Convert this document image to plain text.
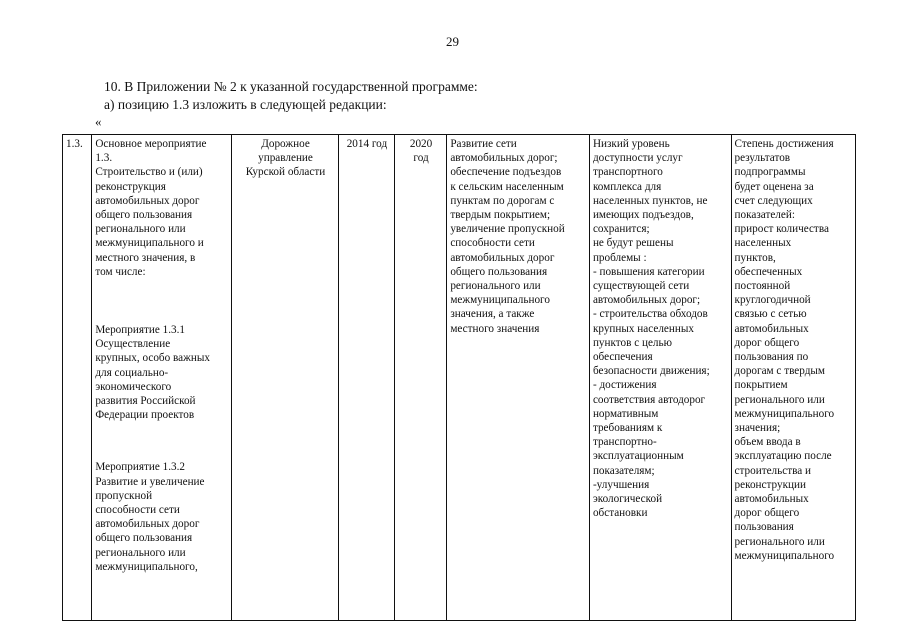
29
10. В Приложении № 2 к указанной государственной программе:
а) позицию 1.3 изложить в следующей редакции:
«
1.3.	Основное мероприятие
1.3.
Строительство и (или)
реконструкция
автомобильных дорог
общего пользования
регионального или
межмуниципального и
местного значения, в
том числе:
Мероприятие 1.3.1
Осуществление
крупных, особо важных
для социально-
экономического
развития Российской
Федерации проектов
Мероприятие 1.3.2
Развитие и увеличение
пропускной
способности сети
автомобильных дорог
общего пользования
регионального или
межмуниципального,
	Дорожное
управление
Курской области	2014 год	2020
год	Развитие сети
автомобильных дорог;
обеспечение подъездов
к сельским населенным
пунктам по дорогам с
твердым покрытием;
увеличение пропускной
способности сети
автомобильных дорог
общего пользования
регионального или
межмуниципального
значения, а также
местного значения	Низкий уровень
доступности услуг
транспортного
комплекса для
населенных пунктов, не
имеющих подъездов,
сохранится;
не будут решены
проблемы :
- повышения категории
существующей сети
автомобильных дорог;
- строительства обходов
крупных населенных
пунктов с целью
обеспечения
безопасности движения;
- достижения
соответствия автодорог
нормативным
требованиям к
транспортно-
эксплуатационным
показателям;
-улучшения
экологической
обстановки	Степень достижения
результатов
подпрограммы
будет оценена за
счет следующих
показателей:
прирост количества
населенных
пунктов,
обеспеченных
постоянной
круглогодичной
связью с сетью
автомобильных
дорог общего
пользования по
дорогам с твердым
покрытием
регионального или
межмуниципального
значения;
объем ввода в
эксплуатацию после
строительства и
реконструкции
автомобильных
дорог общего
пользования
регионального или
межмуниципального
